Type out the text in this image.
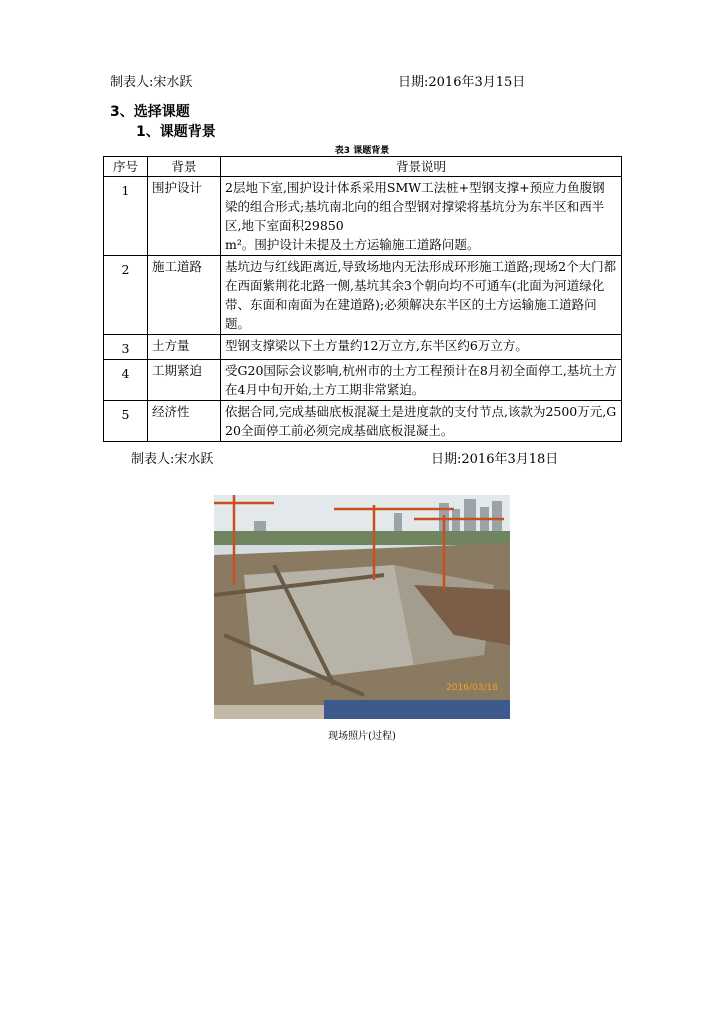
制表人:宋水跃	日期:2016年3月15日
3、选择课题
1、课题背景
表3 课题背景
序号	背景	背景说明
1	围护设计	2层地下室,围护设计体系采用SMW工法桩+型钢支撑+预应力鱼腹钢梁的组合形式;基坑南北向的组合型钢对撑梁将基坑分为东半区和西半区,地下室面积29850
m²。围护设计未提及土方运输施工道路问题。
2	施工道路	基坑边与红线距离近,导致场地内无法形成环形施工道路;现场2个大门都在西面紫荆花北路一侧,基坑其余3个朝向均不可通车(北面为河道绿化带、东面和南面为在建道路);必须解决东半区的土方运输施工道路问题。
3	土方量	型钢支撑梁以下土方量约12万立方,东半区约6万立方。
4	工期紧迫	受G20国际会议影响,杭州市的土方工程预计在8月初全面停工,基坑土方在4月中旬开始,土方工期非常紧迫。
5	经济性	依据合同,完成基础底板混凝土是进度款的支付节点,该款为2500万元,G20全面停工前必须完成基础底板混凝土。
制表人:宋水跃	日期:2016年3月18日
2016/03/18
现场照片(过程)
